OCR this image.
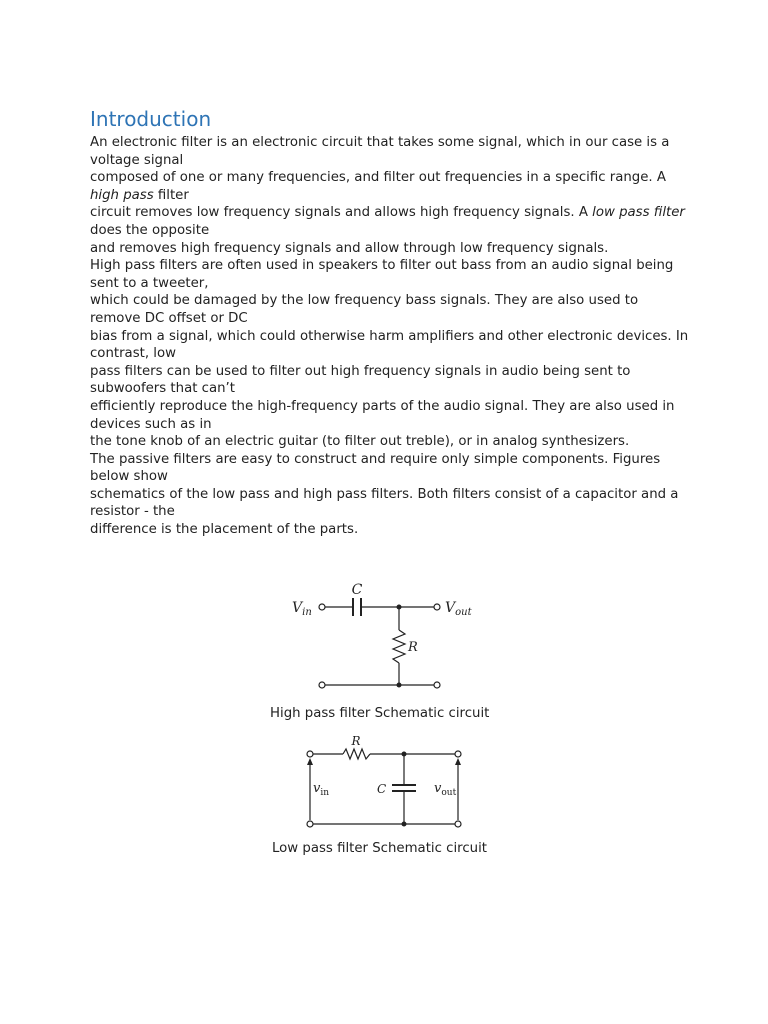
Introduction
An electronic filter is an electronic circuit that takes some signal, which in our case is a voltage signal
composed of one or many frequencies, and filter out frequencies in a specific range. A high pass filter
circuit removes low frequency signals and allows high frequency signals. A low pass filter does the opposite
and removes high frequency signals and allow through low frequency signals.
High pass filters are often used in speakers to filter out bass from an audio signal being sent to a tweeter,
which could be damaged by the low frequency bass signals. They are also used to remove DC offset or DC
bias from a signal, which could otherwise harm amplifiers and other electronic devices. In contrast, low
pass filters can be used to filter out high frequency signals in audio being sent to subwoofers that can’t
efficiently reproduce the high-frequency parts of the audio signal. They are also used in devices such as in
the tone knob of an electric guitar (to filter out treble), or in analog synthesizers.
The passive filters are easy to construct and require only simple components. Figures below show
schematics of the low pass and high pass filters. Both filters consist of a capacitor and a resistor - the
difference is the placement of the parts.
C
R
$V_{in}$	$V_{out}$
High pass filter Schematic circuit
R
C
$v_{in}$	$v_{out}$
Low pass filter Schematic circuit
